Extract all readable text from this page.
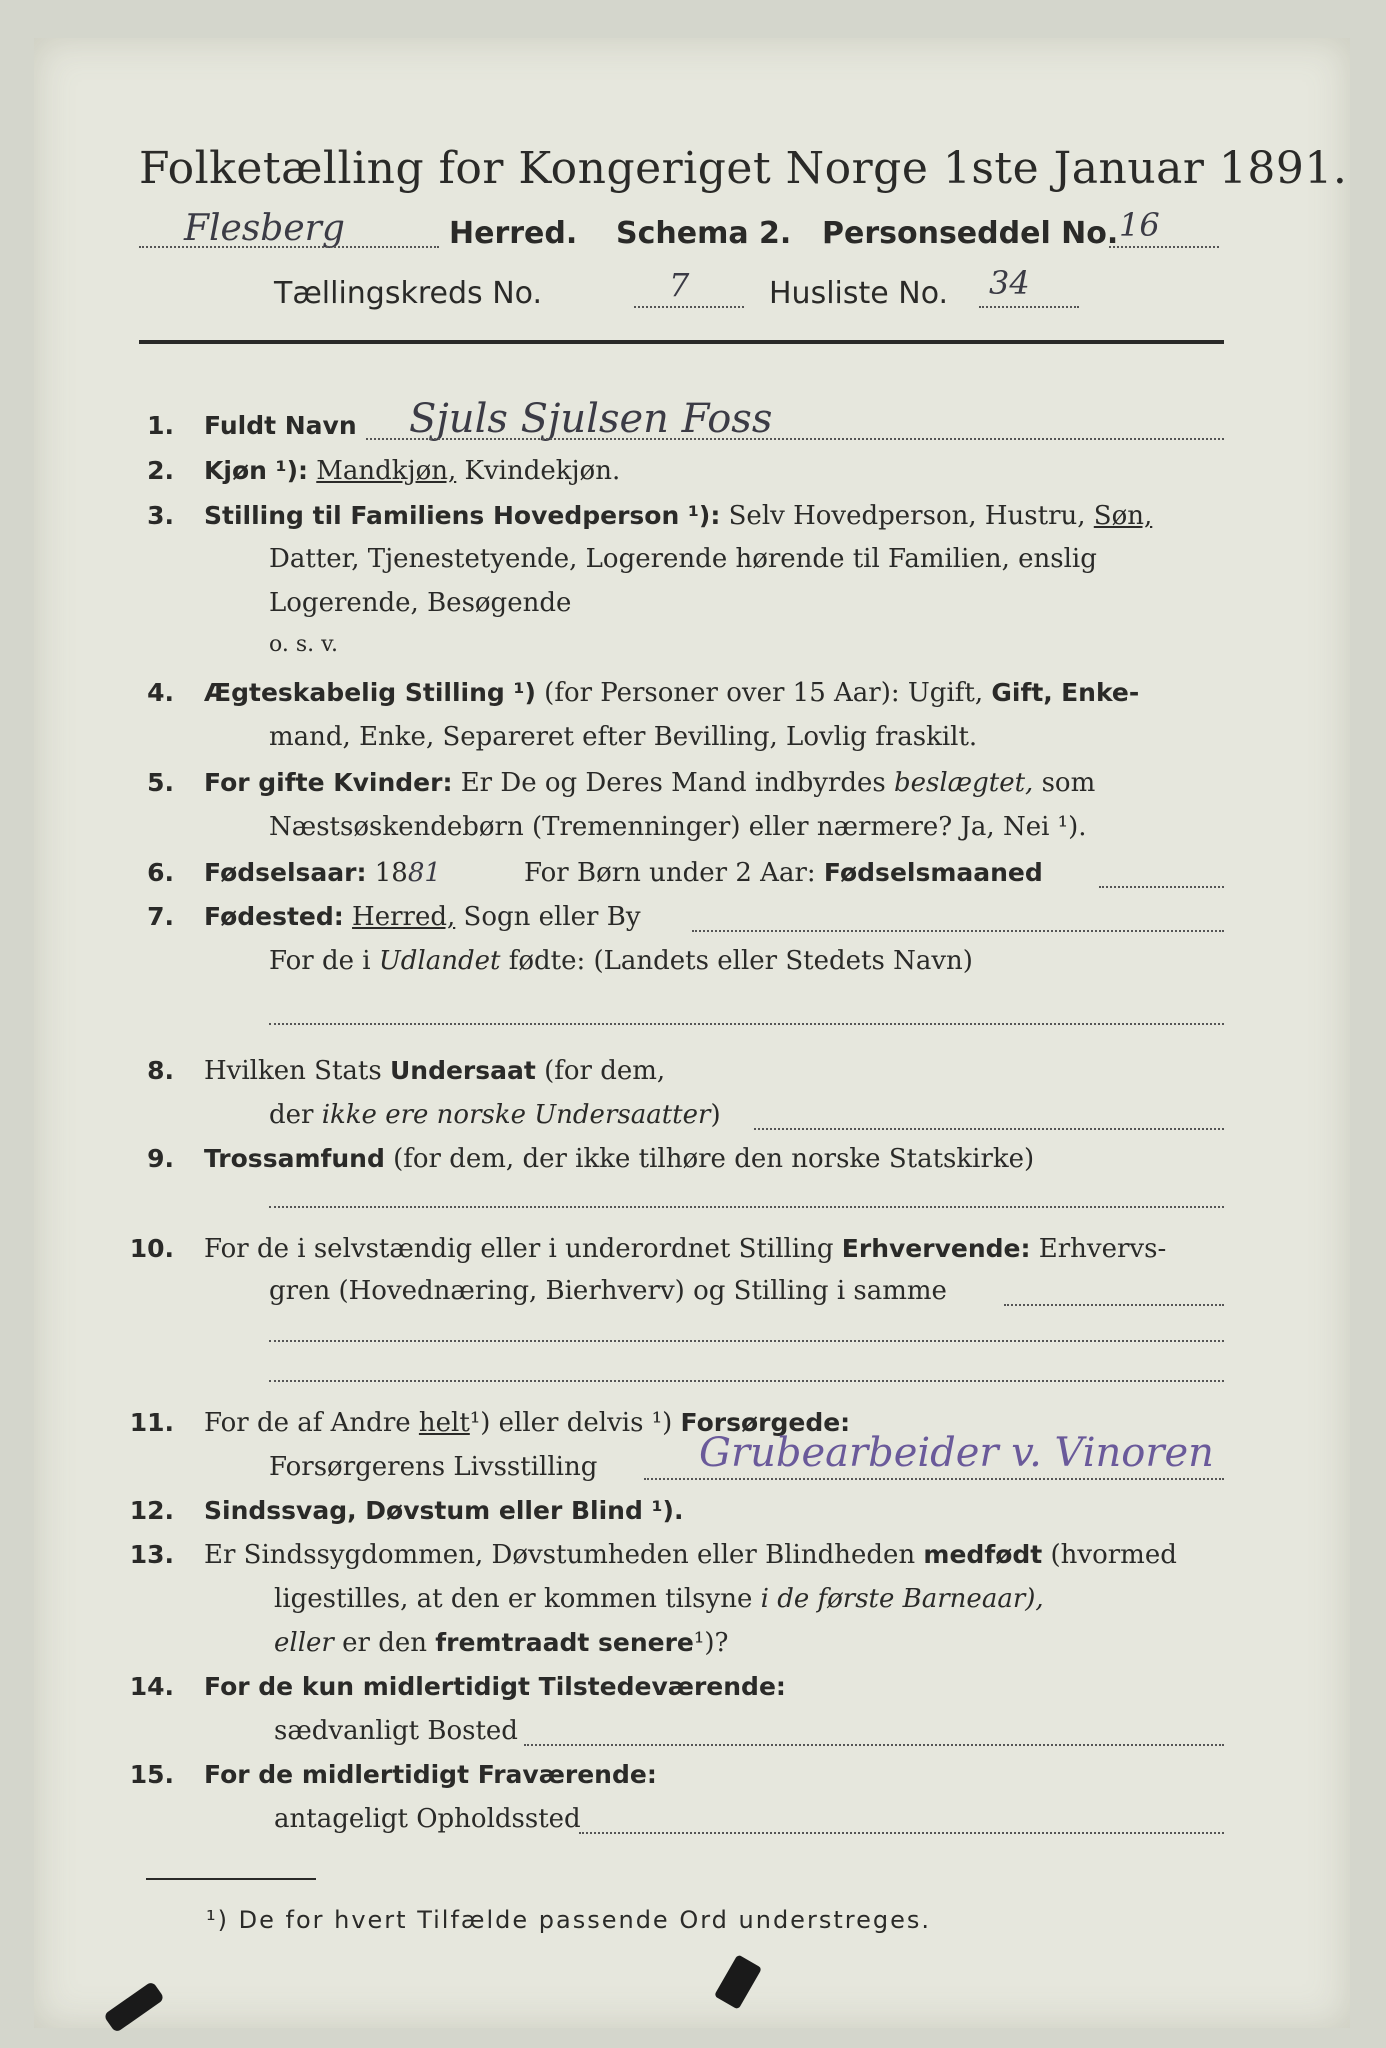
Folketælling for Kongeriget Norge 1ste Januar 1891.
Flesberg	Herred. Schema 2. Personseddel No. 16
Tællingskreds No.	7	Husliste No. 34
1. Fuldt Navn Sjuls Sjulsen Foss
2. Kjøn ¹): Mandkjøn, Kvindekjøn.
3. Stilling til Familiens Hovedperson ¹): Selv Hovedperson, Hustru, Søn,
Datter, Tjenestetyende, Logerende hørende til Familien, enslig
Logerende, Besøgende
o. s. v.
4. Ægteskabelig Stilling ¹) (for Personer over 15 Aar): Ugift, Gift, Enke-
mand, Enke, Separeret efter Bevilling, Lovlig fraskilt.
5. For gifte Kvinder: Er De og Deres Mand indbyrdes beslægtet, som
Næstsøskendebørn (Tremenninger) eller nærmere? Ja, Nei ¹).
6. Fødselsaar: 1881	For Børn under 2 Aar: Fødselsmaaned
7. Fødested: Herred, Sogn eller By
For de i Udlandet fødte: (Landets eller Stedets Navn)
8. Hvilken Stats Undersaat (for dem,
der ikke ere norske Undersaatter)
9. Trossamfund (for dem, der ikke tilhøre den norske Statskirke)
10. For de i selvstændig eller i underordnet Stilling Erhvervende: Erhvervs-
gren (Hovednæring, Bierhverv) og Stilling i samme
11. For de af Andre helt¹) eller delvis ¹) Forsørgede:
Forsørgerens Livsstilling	Grubearbeider v. Vinoren
12. Sindssvag, Døvstum eller Blind ¹).
13. Er Sindssygdommen, Døvstumheden eller Blindheden medfødt (hvormed
ligestilles, at den er kommen tilsyne i de første Barneaar),
eller er den fremtraadt senere¹)?
14. For de kun midlertidigt Tilstedeværende:
sædvanligt Bosted
15. For de midlertidigt Fraværende:
antageligt Opholdssted
¹) De for hvert Tilfælde passende Ord understreges.
